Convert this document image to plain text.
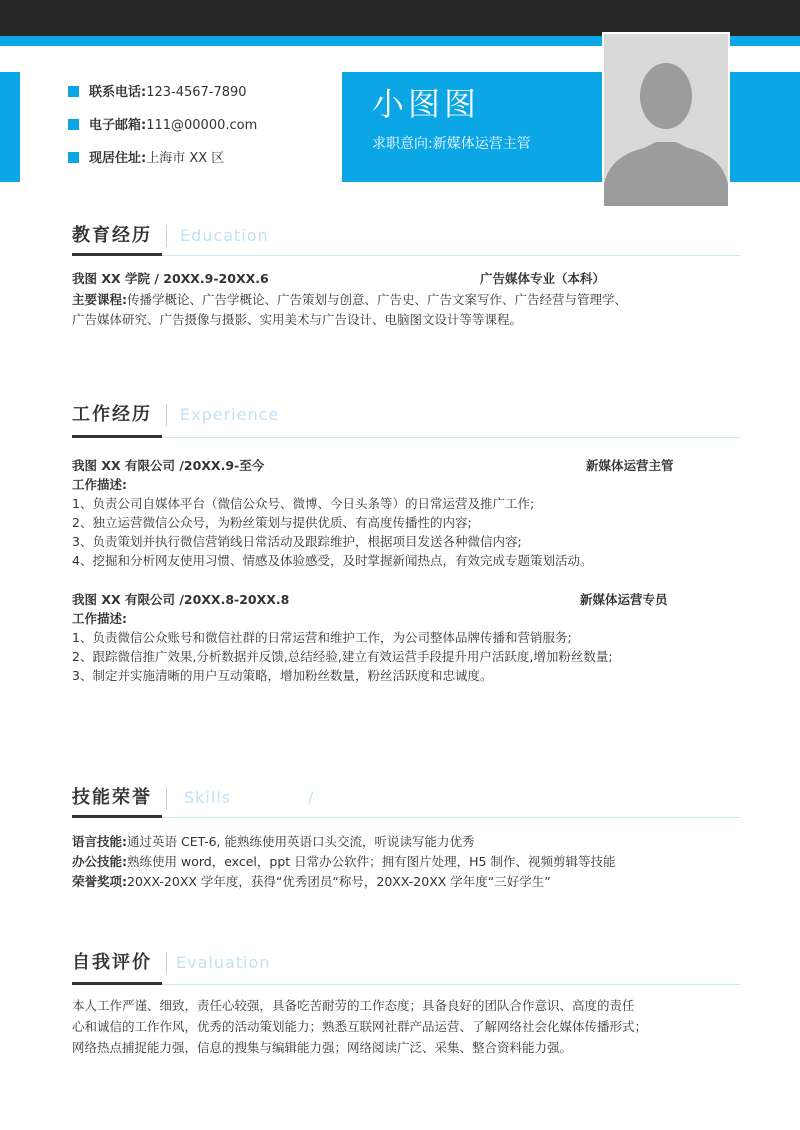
联系电话:123-4567-7890
电子邮箱:111@00000.com
现居住址:上海市 XX 区
小图图
求职意向:新媒体运营主管
教育经历 Education
我图 XX 学院 / 20XX.9-20XX.6	广告媒体专业（本科）
主要课程:传播学概论、广告学概论、广告策划与创意、广告史、广告文案写作、广告经营与管理学、
广告媒体研究、广告摄像与摄影、实用美术与广告设计、电脑图文设计等等课程。
工作经历 Experience
我图 XX 有限公司 /20XX.9-至今	新媒体运营主管
工作描述:
1、负责公司自媒体平台（微信公众号、微博、今日头条等）的日常运营及推广工作;
2、独立运营微信公众号，为粉丝策划与提供优质、有高度传播性的内容;
3、负责策划并执行微信营销线日常活动及跟踪维护，根据项目发送各种微信内容;
4、挖掘和分析网友使用习惯、情感及体验感受，及时掌握新闻热点，有效完成专题策划活动。
我图 XX 有限公司 /20XX.8-20XX.8	新媒体运营专员
工作描述:
1、负责微信公众账号和微信社群的日常运营和维护工作，为公司整体品牌传播和营销服务;
2、跟踪微信推广效果,分析数据并反馈,总结经验,建立有效运营手段提升用户活跃度,增加粉丝数量;
3、制定并实施清晰的用户互动策略，增加粉丝数量，粉丝活跃度和忠诚度。
技能荣誉 Skills	/
语言技能:通过英语 CET-6, 能熟练使用英语口头交流，听说读写能力优秀
办公技能:熟练使用 word，excel，ppt 日常办公软件；拥有图片处理，H5 制作、视频剪辑等技能
荣誉奖项:20XX-20XX 学年度，获得“优秀团员“称号，20XX-20XX 学年度“三好学生”
自我评价 Evaluation
本人工作严谨、细致，责任心较强，具备吃苦耐劳的工作态度；具备良好的团队合作意识、高度的责任
心和诚信的工作作风，优秀的活动策划能力；熟悉互联网社群产品运营、了解网络社会化媒体传播形式；
网络热点捕捉能力强，信息的搜集与编辑能力强；网络阅读广泛、采集、整合资料能力强。
